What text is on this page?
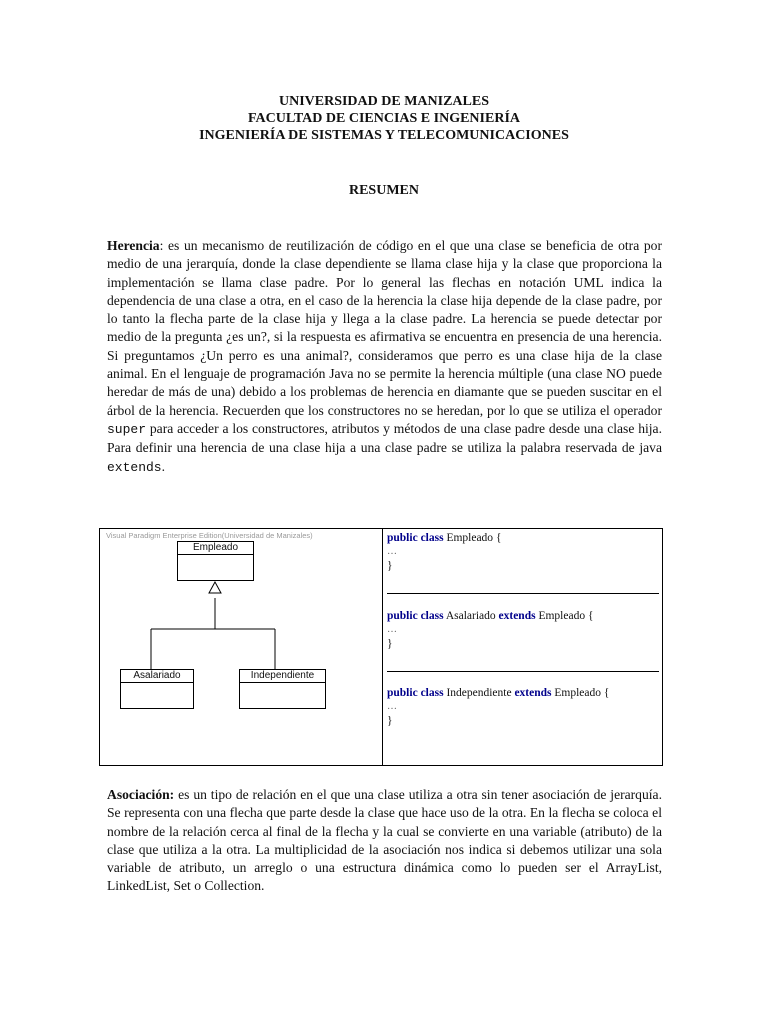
UNIVERSIDAD DE MANIZALES
FACULTAD DE CIENCIAS E INGENIERÍA
INGENIERÍA DE SISTEMAS Y TELECOMUNICACIONES
RESUMEN
Herencia: es un mecanismo de reutilización de código en el que una clase se beneficia de otra por medio de una jerarquía, donde la clase dependiente se llama clase hija y la clase que proporciona la implementación se llama clase padre. Por lo general las flechas en notación UML indica la dependencia de una clase a otra, en el caso de la herencia la clase hija depende de la clase padre, por lo tanto la flecha parte de la clase hija y llega a la clase padre. La herencia se puede detectar por medio de la pregunta ¿es un?, si la respuesta es afirmativa se encuentra en presencia de una herencia. Si preguntamos ¿Un perro es una animal?, consideramos que perro es una clase hija de la clase animal. En el lenguaje de programación Java no se permite la herencia múltiple (una clase NO puede heredar de más de una) debido a los problemas de herencia en diamante que se pueden suscitar en el árbol de la herencia. Recuerden que los constructores no se heredan, por lo que se utiliza el operador super para acceder a los constructores, atributos y métodos de una clase padre desde una clase hija. Para definir una herencia de una clase hija a una clase padre se utiliza la palabra reservada de java extends.
Visual Paradigm Enterprise Edition(Universidad de Manizales)
Empleado
Asalariado	Independiente
public class Empleado {
…
}
public class Asalariado extends Empleado {
…
}
public class Independiente extends Empleado {
…
}
Asociación: es un tipo de relación en el que una clase utiliza a otra sin tener asociación de jerarquía. Se representa con una flecha que parte desde la clase que hace uso de la otra. En la flecha se coloca el nombre de la relación cerca al final de la flecha y la cual se convierte en una variable (atributo) de la clase que utiliza a la otra. La multiplicidad de la asociación nos indica si debemos utilizar una sola variable de atributo, un arreglo o una estructura dinámica como lo pueden ser el ArrayList, LinkedList, Set o Collection.
